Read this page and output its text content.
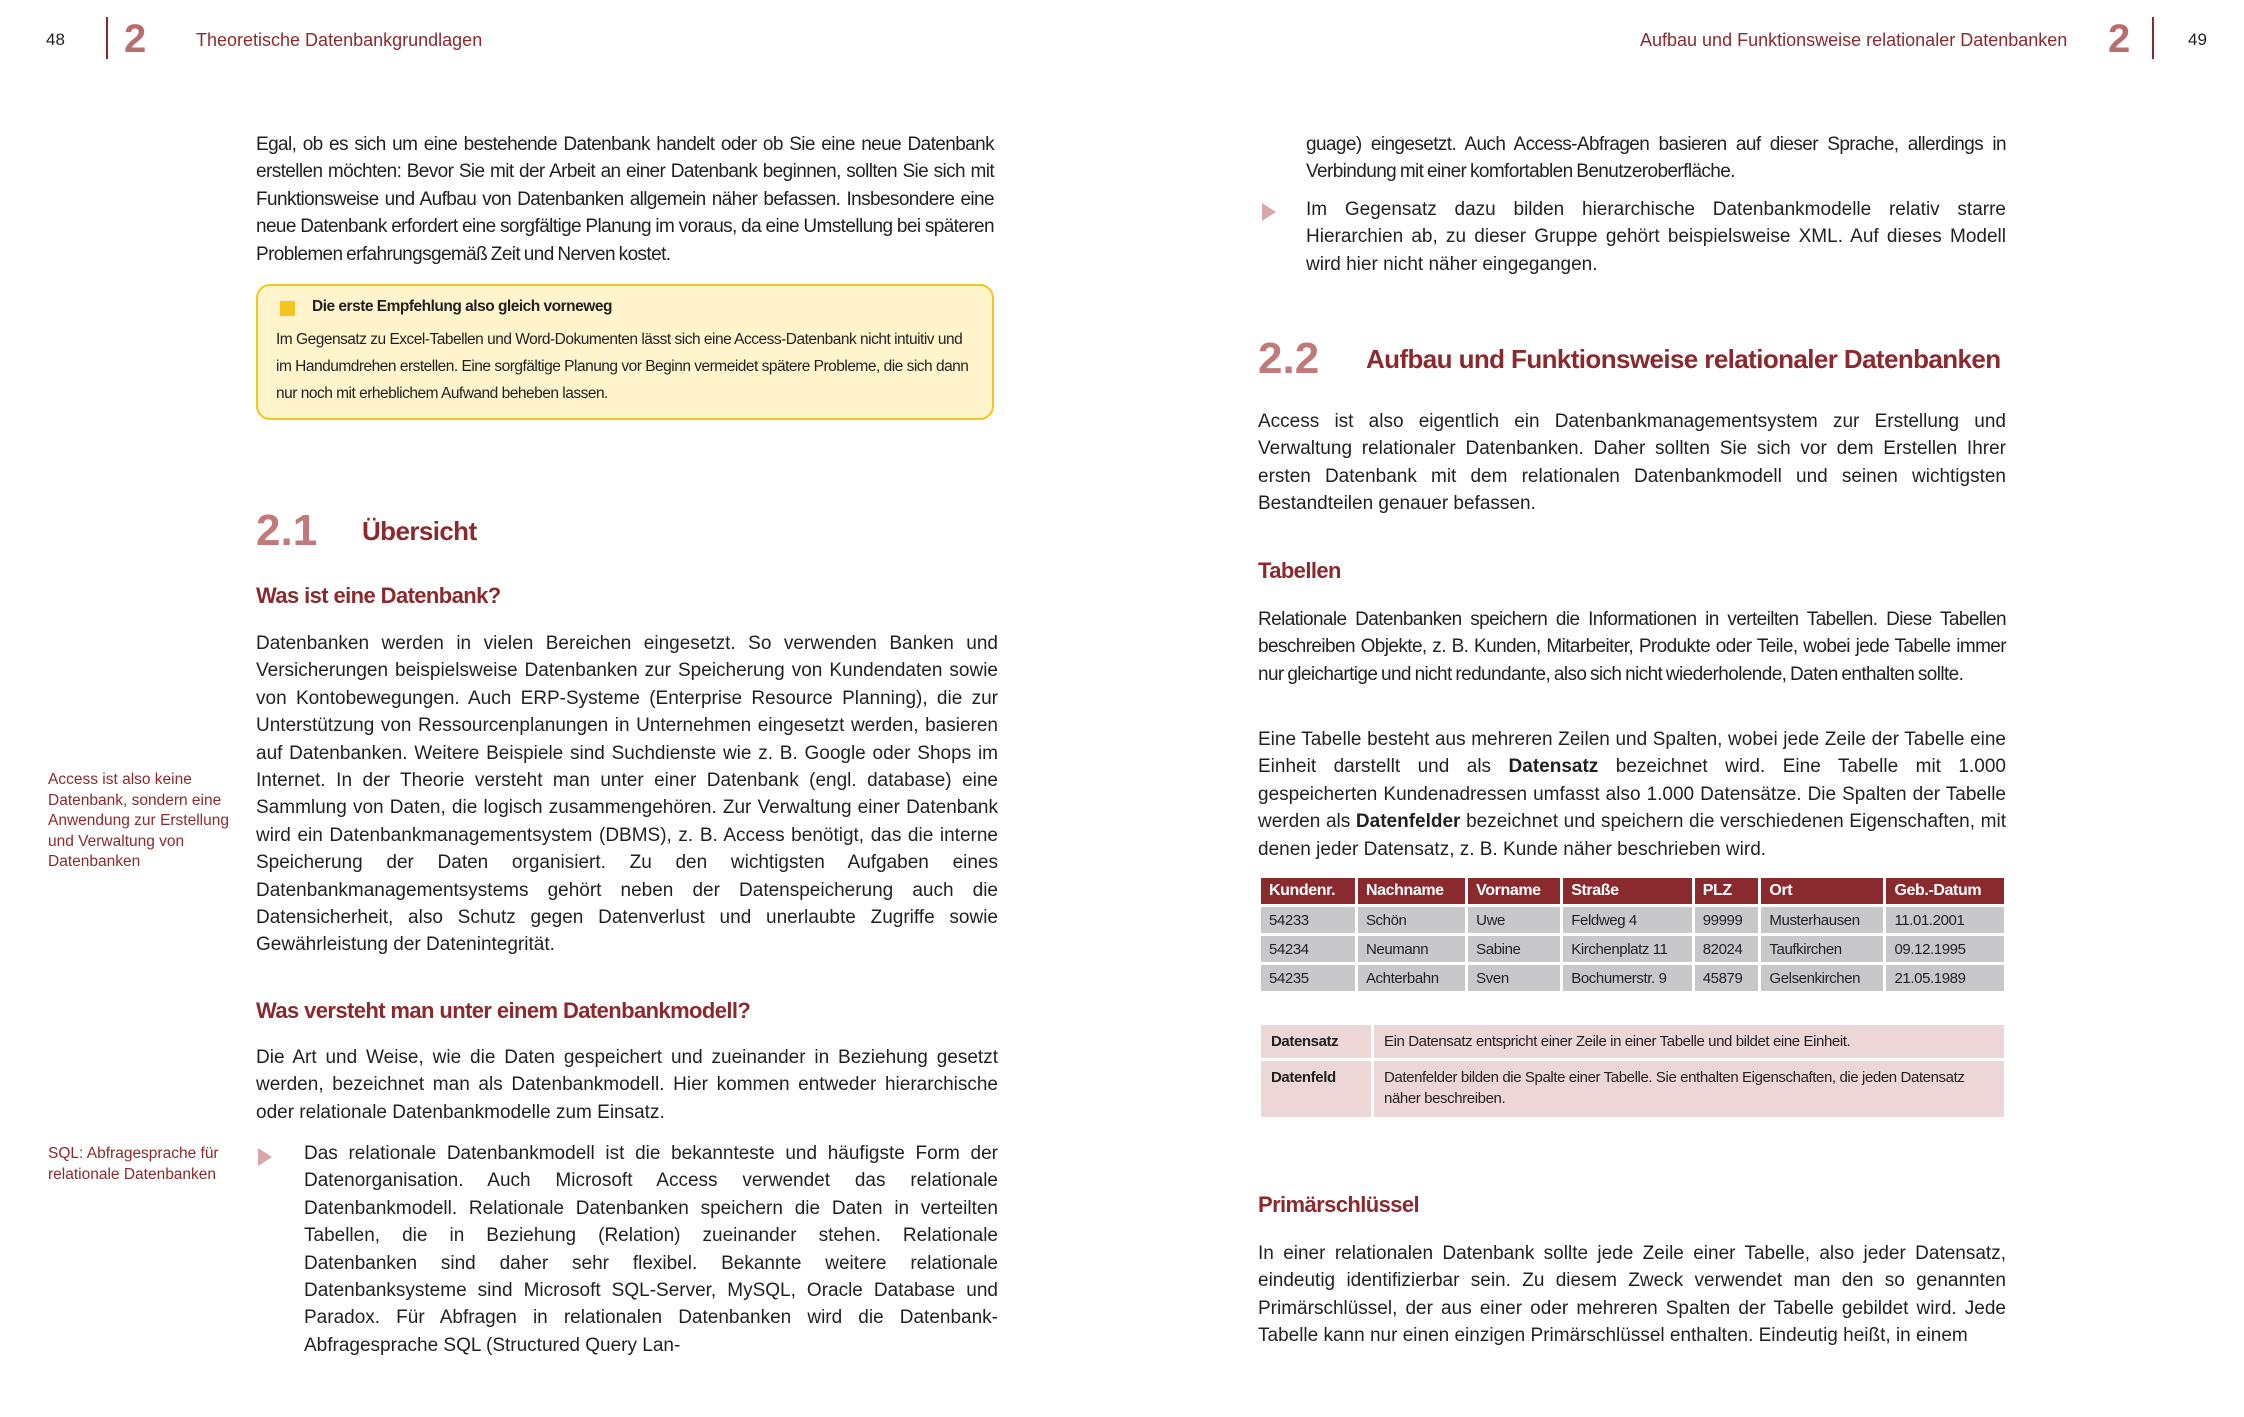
48 2	Theoretische Datenbankgrundlagen

Egal, ob es sich um eine bestehende Datenbank handelt oder ob Sie eine neue Datenbank erstellen möchten: Bevor Sie mit der Arbeit an einer Datenbank beginnen, sollten Sie sich mit Funktionsweise und Aufbau von Datenbanken allgemein näher befassen. Insbesondere eine neue Datenbank erfordert eine sorgfältige Planung im voraus, da eine Umstellung bei späteren Problemen erfahrungsgemäß Zeit und Nerven kostet.

Die erste Empfehlung also gleich vorneweg
Im Gegensatz zu Excel-Tabellen und Word-Dokumenten lässt sich eine Access-Datenbank nicht intuitiv und im Handumdrehen erstellen. Eine sorgfältige Planung vor Beginn vermeidet spätere Probleme, die sich dann nur noch mit erheblichem Aufwand beheben lassen.
2.1 Übersicht
Was ist eine Datenbank?

Datenbanken werden in vielen Bereichen eingesetzt. So verwenden Banken und Versicherungen beispielsweise Datenbanken zur Speicherung von Kundendaten sowie von Kontobewegungen. Auch ERP-Systeme (Enterprise Resource Planning), die zur Unterstützung von Ressourcenplanungen in Unternehmen eingesetzt werden, basieren auf Datenbanken. Weitere Beispiele sind Suchdienste wie z. B. Google oder Shops im Internet. In der Theorie versteht man unter einer Datenbank (engl. database) eine Sammlung von Daten, die logisch zusammengehören. Zur Verwaltung einer Datenbank wird ein Datenbankmanagementsystem (DBMS), z. B. Access benötigt, das die interne Speicherung der Daten organisiert. Zu den wichtigsten Aufgaben eines Datenbankmanagementsystems gehört neben der Datenspeicherung auch die Datensicherheit, also Schutz gegen Datenverlust und unerlaubte Zugriffe sowie Gewährleistung der Datenintegrität.

Access ist also keine Datenbank, sondern eine Anwendung zur Erstellung und Verwaltung von Datenbanken
Was versteht man unter einem Datenbankmodell?

Die Art und Weise, wie die Daten gespeichert und zueinander in Beziehung gesetzt werden, bezeichnet man als Datenbankmodell. Hier kommen entweder hierarchische oder relationale Datenbankmodelle zum Einsatz.

SQL: Abfragesprache für relationale Datenbanken

Das relationale Datenbankmodell ist die bekannteste und häufigste Form der Datenorganisation. Auch Microsoft Access verwendet das relationale Datenbankmodell. Relationale Datenbanken speichern die Daten in verteilten Tabellen, die in Beziehung (Relation) zueinander stehen. Relationale Datenbanken sind daher sehr flexibel. Bekannte weitere relationale Datenbanksysteme sind Microsoft SQL-Server, MySQL, Oracle Database und Paradox. Für Abfragen in relationalen Datenbanken wird die Datenbank-Abfragesprache SQL (Structured Query Lan-

Aufbau und Funktionsweise relationaler Datenbanken 2	49

guage) eingesetzt. Auch Access-Abfragen basieren auf dieser Sprache, allerdings in Verbindung mit einer komfortablen Benutzeroberfläche.

Im Gegensatz dazu bilden hierarchische Datenbankmodelle relativ starre Hierarchien ab, zu dieser Gruppe gehört beispielsweise XML. Auf dieses Modell wird hier nicht näher eingegangen.

2.2 Aufbau und Funktionsweise relationaler Datenbanken

Access ist also eigentlich ein Datenbankmanagementsystem zur Erstellung und Verwaltung relationaler Datenbanken. Daher sollten Sie sich vor dem Erstellen Ihrer ersten Datenbank mit dem relationalen Datenbankmodell und seinen wichtigsten Bestandteilen genauer befassen.

Tabellen

Relationale Datenbanken speichern die Informationen in verteilten Tabellen. Diese Tabellen beschreiben Objekte, z. B. Kunden, Mitarbeiter, Produkte oder Teile, wobei jede Tabelle immer nur gleichartige und nicht redundante, also sich nicht wiederholende, Daten enthalten sollte.

Eine Tabelle besteht aus mehreren Zeilen und Spalten, wobei jede Zeile der Tabelle eine Einheit darstellt und als Datensatz bezeichnet wird. Eine Tabelle mit 1.000 gespeicherten Kundenadressen umfasst also 1.000 Datensätze. Die Spalten der Tabelle werden als Datenfelder bezeichnet und speichern die verschiedenen Eigenschaften, mit denen jeder Datensatz, z. B. Kunde näher beschrieben wird.

Kundenr.	Nachname	Vorname	Straße	PLZ	Ort	Geb.-Datum
54233	Schön	Uwe	Feldweg 4	99999	Musterhausen	11.01.2001
54234	Neumann	Sabine	Kirchenplatz 11	82024	Taufkirchen	09.12.1995
54235	Achterbahn	Sven	Bochumerstr. 9	45879	Gelsenkirchen	21.05.1989
Datensatz	Ein Datensatz entspricht einer Zeile in einer Tabelle und bildet eine Einheit.
Datenfeld	Datenfelder bilden die Spalte einer Tabelle. Sie enthalten Eigenschaften, die jeden Datensatz näher beschreiben.
Primärschlüssel

In einer relationalen Datenbank sollte jede Zeile einer Tabelle, also jeder Datensatz, eindeutig identifizierbar sein. Zu diesem Zweck verwendet man den so genannten Primärschlüssel, der aus einer oder mehreren Spalten der Tabelle gebildet wird. Jede Tabelle kann nur einen einzigen Primärschlüssel enthalten. Eindeutig heißt, in einem
